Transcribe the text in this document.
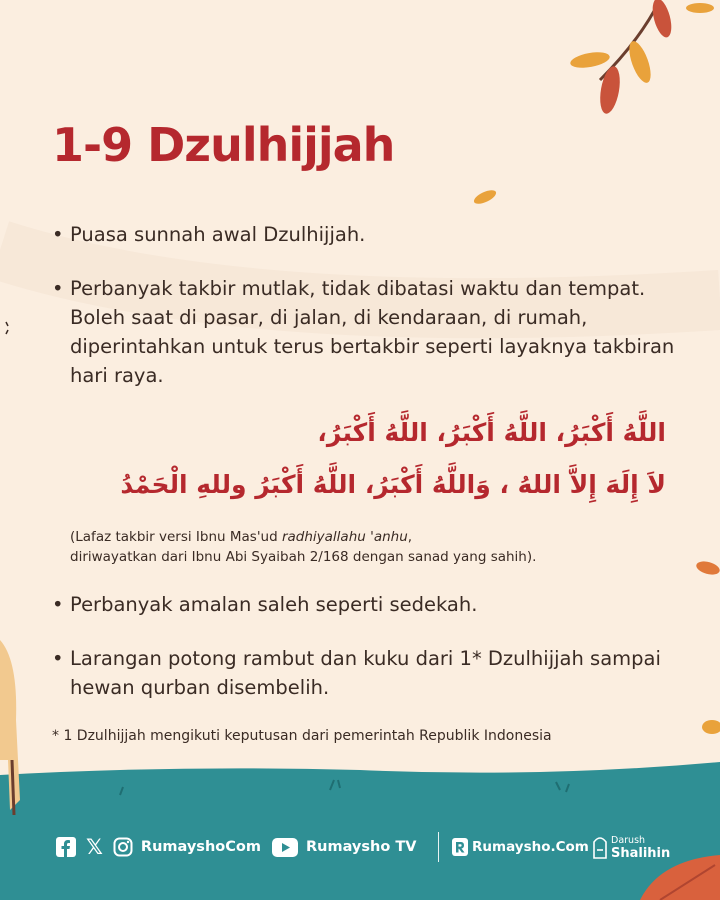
1-9 Dzulhijjah

• Puasa sunnah awal Dzulhijjah.

• Perbanyak takbir mutlak, tidak dibatasi waktu dan tempat. Boleh saat di pasar, di jalan, di kendaraan, di rumah, diperintahkan untuk terus bertakbir seperti layaknya takbiran hari raya.

اللَّهُ أَكْبَرُ، اللَّهُ أَكْبَرُ، اللَّهُ أَكْبَرُ،
لاَ إِلَهَ إِلاَّ اللهُ ، وَاللَّهُ أَكْبَرُ، اللَّهُ أَكْبَرُ وللهِ الْحَمْدُ
(Lafaz takbir versi Ibnu Mas'ud radhiyallahu 'anhu,
diriwayatkan dari Ibnu Abi Syaibah 2/168 dengan sanad yang sahih).

• Perbanyak amalan saleh seperti sedekah.

• Larangan potong rambut dan kuku dari 1* Dzulhijjah sampai hewan qurban disembelih.

* 1 Dzulhijjah mengikuti keputusan dari pemerintah Republik Indonesia
𝕏	RumayshoCom	Rumaysho TV	Rumaysho.Com Darush
Shalihin
